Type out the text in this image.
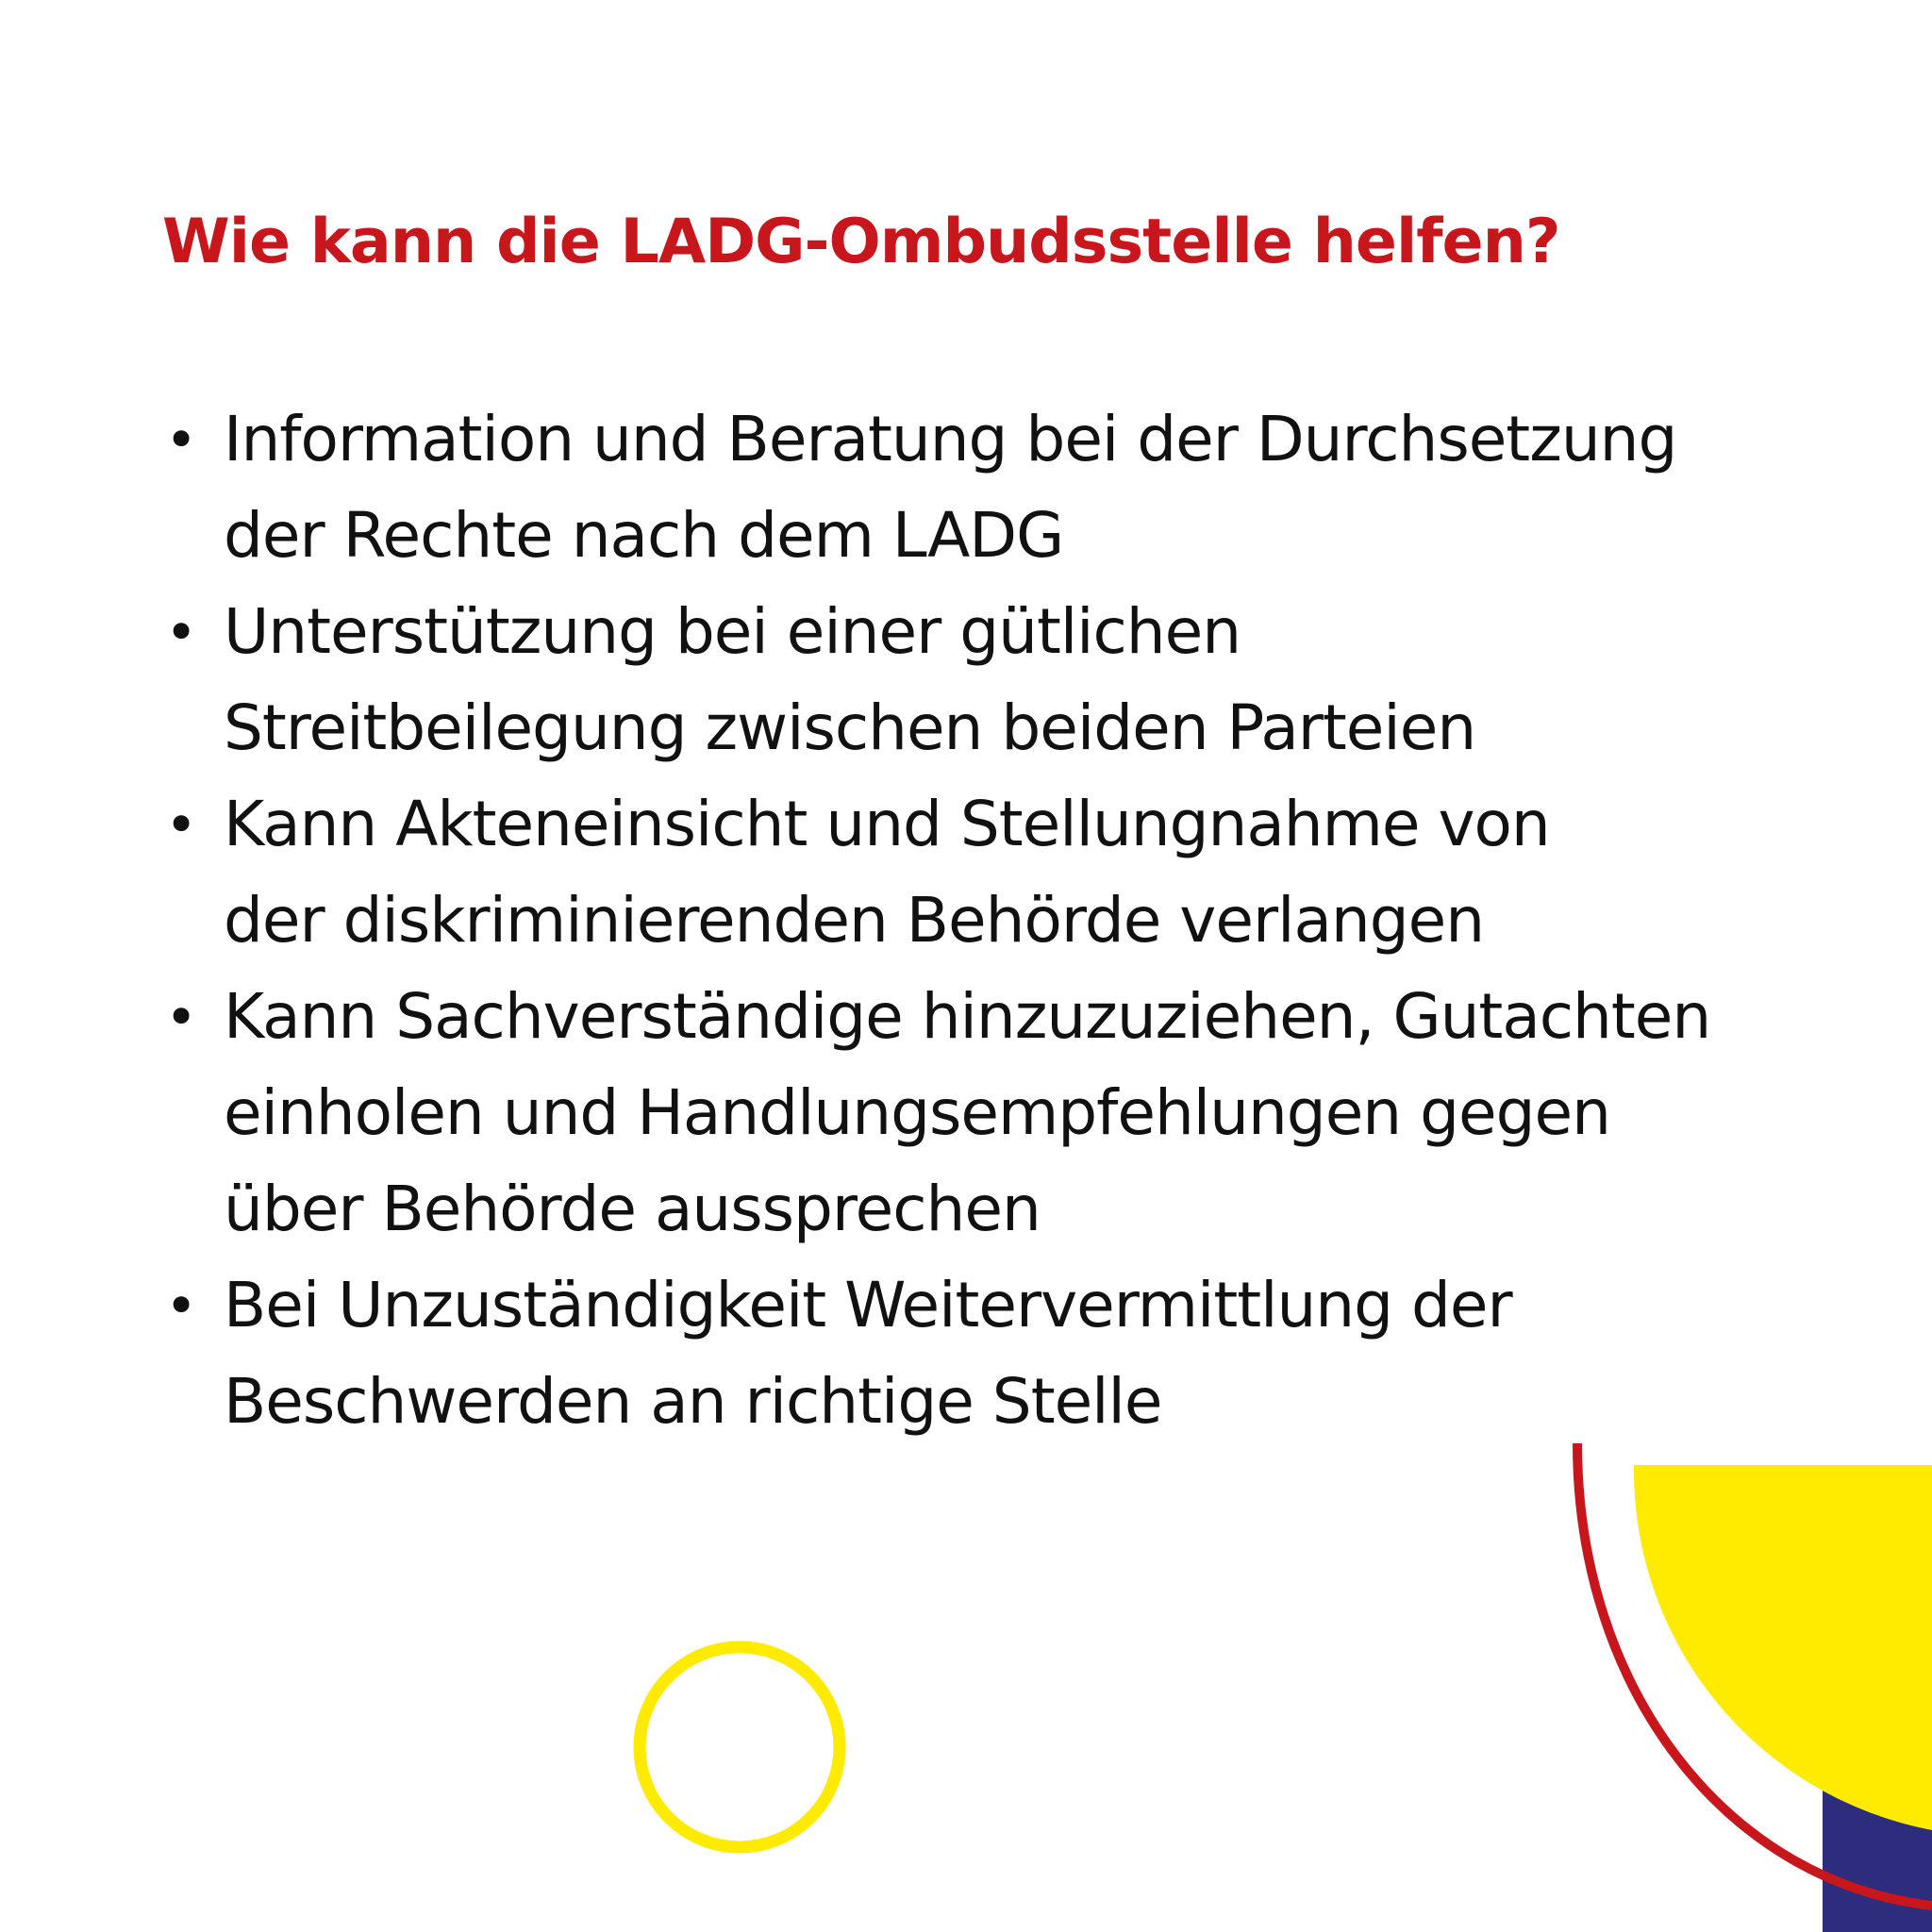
Wie kann die LADG-Ombudsstelle helfen?
• Information und Beratung bei der Durchsetzung
der Rechte nach dem LADG
• Unterstützung bei einer gütlichen
Streitbeilegung zwischen beiden Parteien
• Kann Akteneinsicht und Stellungnahme von
der diskriminierenden Behörde verlangen
• Kann Sachverständige hinzuzuziehen, Gutachten
einholen und Handlungsempfehlungen gegen
über Behörde aussprechen
• Bei Unzuständigkeit Weitervermittlung der
Beschwerden an richtige Stelle
